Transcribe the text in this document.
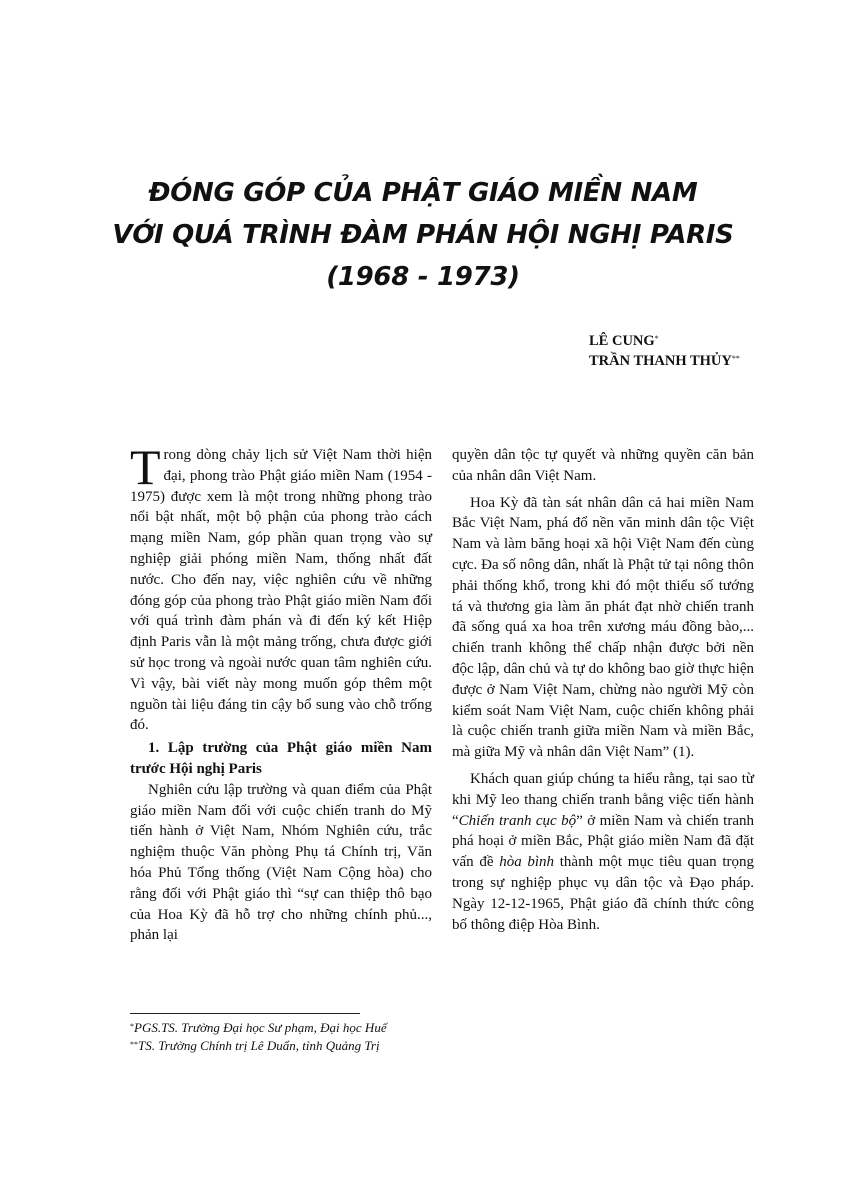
ĐÓNG GÓP CỦA PHẬT GIÁO MIỀN NAM
VỚI QUÁ TRÌNH ĐÀM PHÁN HỘI NGHỊ PARIS
(1968 - 1973)
LÊ CUNG*
TRẦN THANH THỦY**

Trong dòng chảy lịch sử Việt Nam thời hiện đại, phong trào Phật giáo miền Nam (1954 - 1975) được xem là một trong những phong trào nổi bật nhất, một bộ phận của phong trào cách mạng miền Nam, góp phần quan trọng vào sự nghiệp giải phóng miền Nam, thống nhất đất nước. Cho đến nay, việc nghiên cứu về những đóng góp của phong trào Phật giáo miền Nam đối với quá trình đàm phán và đi đến ký kết Hiệp định Paris vẫn là một mảng trống, chưa được giới sử học trong và ngoài nước quan tâm nghiên cứu. Vì vậy, bài viết này mong muốn góp thêm một nguồn tài liệu đáng tin cậy bổ sung vào chỗ trống đó.

1. Lập trường của Phật giáo miền Nam trước Hội nghị Paris

Nghiên cứu lập trường và quan điểm của Phật giáo miền Nam đối với cuộc chiến tranh do Mỹ tiến hành ở Việt Nam, Nhóm Nghiên cứu, trắc nghiệm thuộc Văn phòng Phụ tá Chính trị, Văn hóa Phủ Tổng thống (Việt Nam Cộng hòa) cho rằng đối với Phật giáo thì “sự can thiệp thô bạo của Hoa Kỳ đã hỗ trợ cho những chính phủ..., phản lại

quyền dân tộc tự quyết và những quyền căn bản của nhân dân Việt Nam.

Hoa Kỳ đã tàn sát nhân dân cả hai miền Nam Bắc Việt Nam, phá đổ nền văn minh dân tộc Việt Nam và làm băng hoại xã hội Việt Nam đến cùng cực. Đa số nông dân, nhất là Phật tử tại nông thôn phải thống khổ, trong khi đó một thiểu số tướng tá và thương gia làm ăn phát đạt nhờ chiến tranh đã sống quá xa hoa trên xương máu đồng bào,... chiến tranh không thể chấp nhận được bởi nền độc lập, dân chủ và tự do không bao giờ thực hiện được ở Nam Việt Nam, chừng nào người Mỹ còn kiểm soát Nam Việt Nam, cuộc chiến không phải là cuộc chiến tranh giữa miền Nam và miền Bắc, mà giữa Mỹ và nhân dân Việt Nam” (1).

Khách quan giúp chúng ta hiểu rằng, tại sao từ khi Mỹ leo thang chiến tranh bằng việc tiến hành “Chiến tranh cục bộ” ở miền Nam và chiến tranh phá hoại ở miền Bắc, Phật giáo miền Nam đã đặt vấn đề hòa bình thành một mục tiêu quan trọng trong sự nghiệp phục vụ dân tộc và Đạo pháp. Ngày 12-12-1965, Phật giáo đã chính thức công bố thông điệp Hòa Bình.

*PGS.TS. Trường Đại học Sư phạm, Đại học Huế
**TS. Trường Chính trị Lê Duẩn, tỉnh Quảng Trị
